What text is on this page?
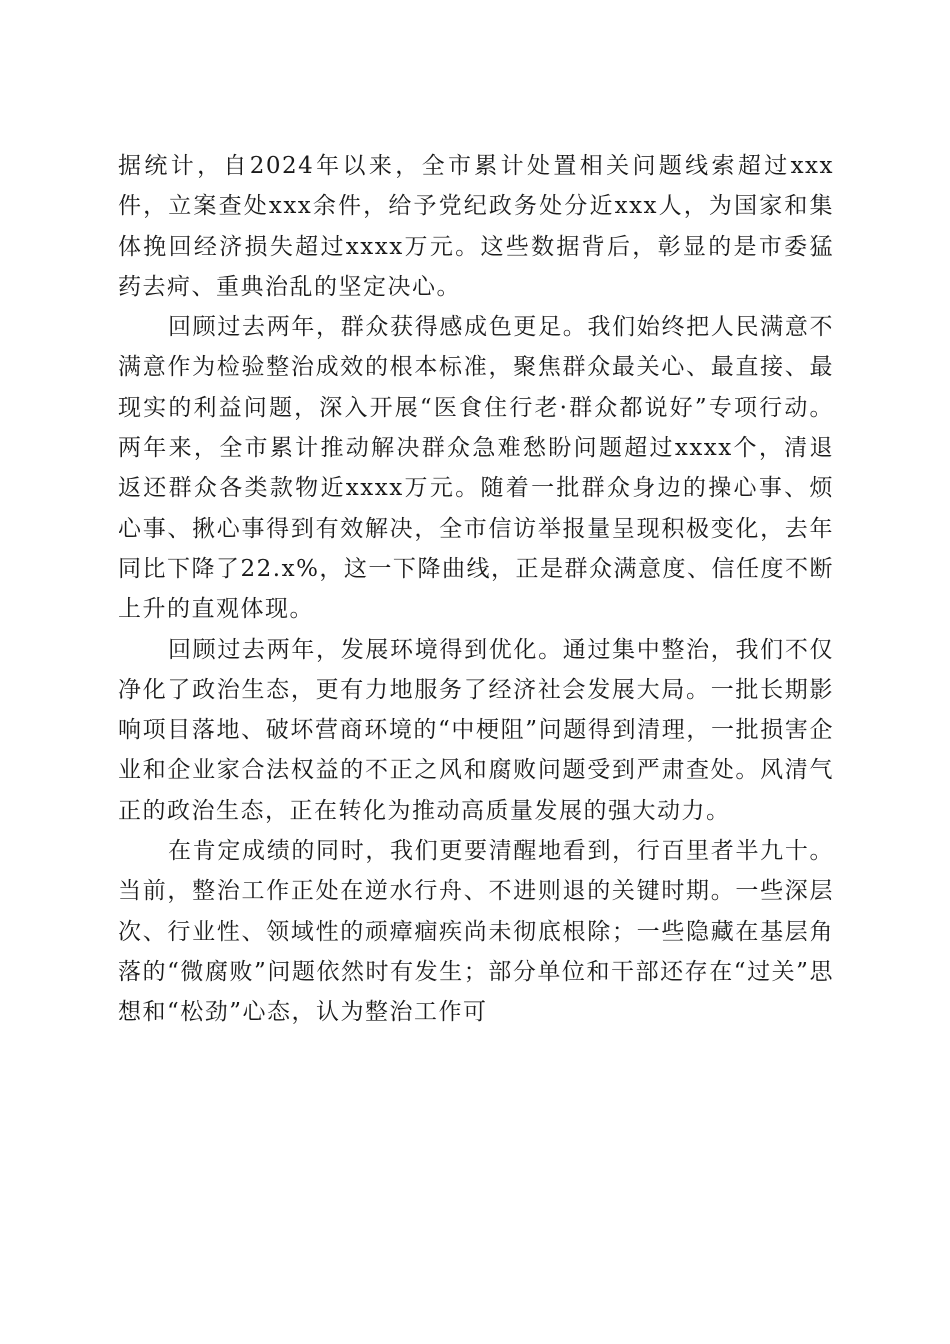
据统计，自2024年以来，全市累计处置相关问题线索超过xxx件，立案查处xxx余件，给予党纪政务处分近xxx人，为国家和集体挽回经济损失超过xxxx万元。这些数据背后，彰显的是市委猛药去疴、重典治乱的坚定决心。

回顾过去两年，群众获得感成色更足。我们始终把人民满意不满意作为检验整治成效的根本标准，聚焦群众最关心、最直接、最现实的利益问题，深入开展“医食住行老·群众都说好”专项行动。两年来，全市累计推动解决群众急难愁盼问题超过xxxx个，清退返还群众各类款物近xxxx万元。随着一批群众身边的操心事、烦心事、揪心事得到有效解决，全市信访举报量呈现积极变化，去年同比下降了22.x%，这一下降曲线，正是群众满意度、信任度不断上升的直观体现。

回顾过去两年，发展环境得到优化。通过集中整治，我们不仅净化了政治生态，更有力地服务了经济社会发展大局。一批长期影响项目落地、破坏营商环境的“中梗阻”问题得到清理，一批损害企业和企业家合法权益的不正之风和腐败问题受到严肃查处。风清气正的政治生态，正在转化为推动高质量发展的强大动力。

在肯定成绩的同时，我们更要清醒地看到，行百里者半九十。当前，整治工作正处在逆水行舟、不进则退的关键时期。一些深层次、行业性、领域性的顽瘴痼疾尚未彻底根除；一些隐藏在基层角落的“微腐败”问题依然时有发生；部分单位和干部还存在“过关”思想和“松劲”心态，认为整治工作可
